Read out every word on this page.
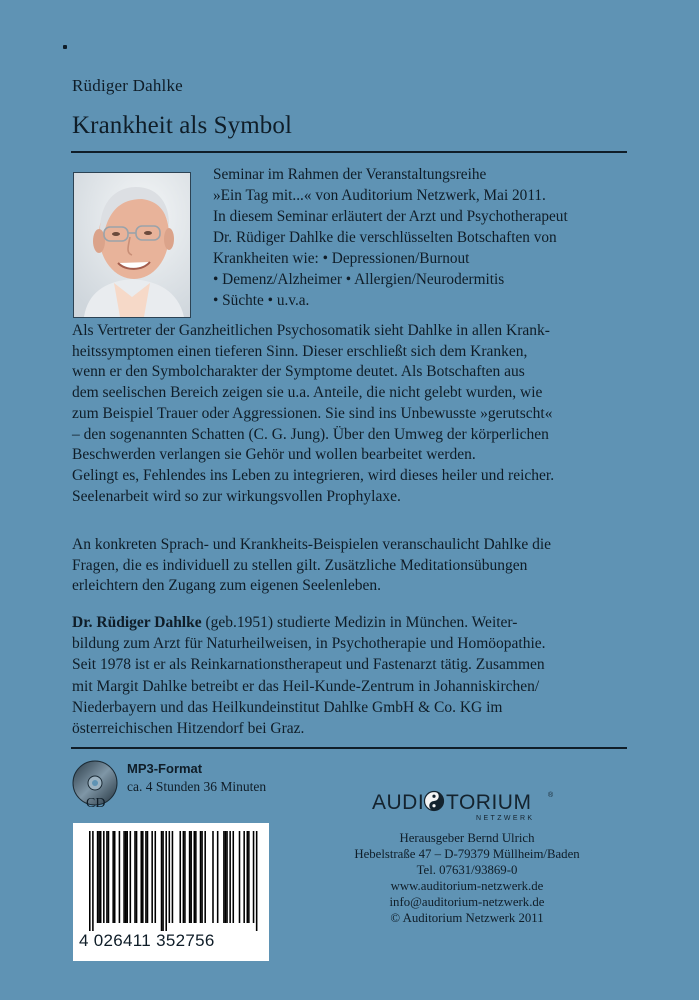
Rüdiger Dahlke
Krankheit als Symbol

Seminar im Rahmen der Veranstaltungsreihe

»Ein Tag mit...« von Auditorium Netzwerk, Mai 2011.

In diesem Seminar erläutert der Arzt und Psychotherapeut

Dr. Rüdiger Dahlke die verschlüsselten Botschaften von

Krankheiten wie: • Depressionen/Burnout

• Demenz/Alzheimer • Allergien/Neurodermitis

• Süchte • u.v.a.

Als Vertreter der Ganzheitlichen Psychosomatik sieht Dahlke in allen Krank-

heitssymptomen einen tieferen Sinn. Dieser erschließt sich dem Kranken,

wenn er den Symbolcharakter der Symptome deutet. Als Botschaften aus

dem seelischen Bereich zeigen sie u.a. Anteile, die nicht gelebt wurden, wie

zum Beispiel Trauer oder Aggressionen. Sie sind ins Unbewusste »gerutscht«

– den sogenannten Schatten (C. G. Jung). Über den Umweg der körperlichen

Beschwerden verlangen sie Gehör und wollen bearbeitet werden.

Gelingt es, Fehlendes ins Leben zu integrieren, wird dieses heiler und reicher.

Seelenarbeit wird so zur wirkungsvollen Prophylaxe.

An konkreten Sprach- und Krankheits-Beispielen veranschaulicht Dahlke die

Fragen, die es individuell zu stellen gilt. Zusätzliche Meditationsübungen

erleichtern den Zugang zum eigenen Seelenleben.

Dr. Rüdiger Dahlke (geb.1951) studierte Medizin in München. Weiter-

bildung zum Arzt für Naturheilweisen, in Psychotherapie und Homöopathie.

Seit 1978 ist er als Reinkarnationstherapeut und Fastenarzt tätig. Zusammen

mit Margit Dahlke betreibt er das Heil-Kunde-Zentrum in Johanniskirchen/

Niederbayern und das Heilkundeinstitut Dahlke GmbH & Co. KG im

österreichischen Hitzendorf bei Graz.

MP3-Format
ca. 4 Stunden 36 Minuten
CD
4 026411 352756
AUDI TORIUM ®
NETZWERK

Herausgeber Bernd Ulrich

Hebelstraße 47 – D-79379 Müllheim/Baden

Tel. 07631/93869-0

www.auditorium-netzwerk.de

info@auditorium-netzwerk.de

© Auditorium Netzwerk 2011
